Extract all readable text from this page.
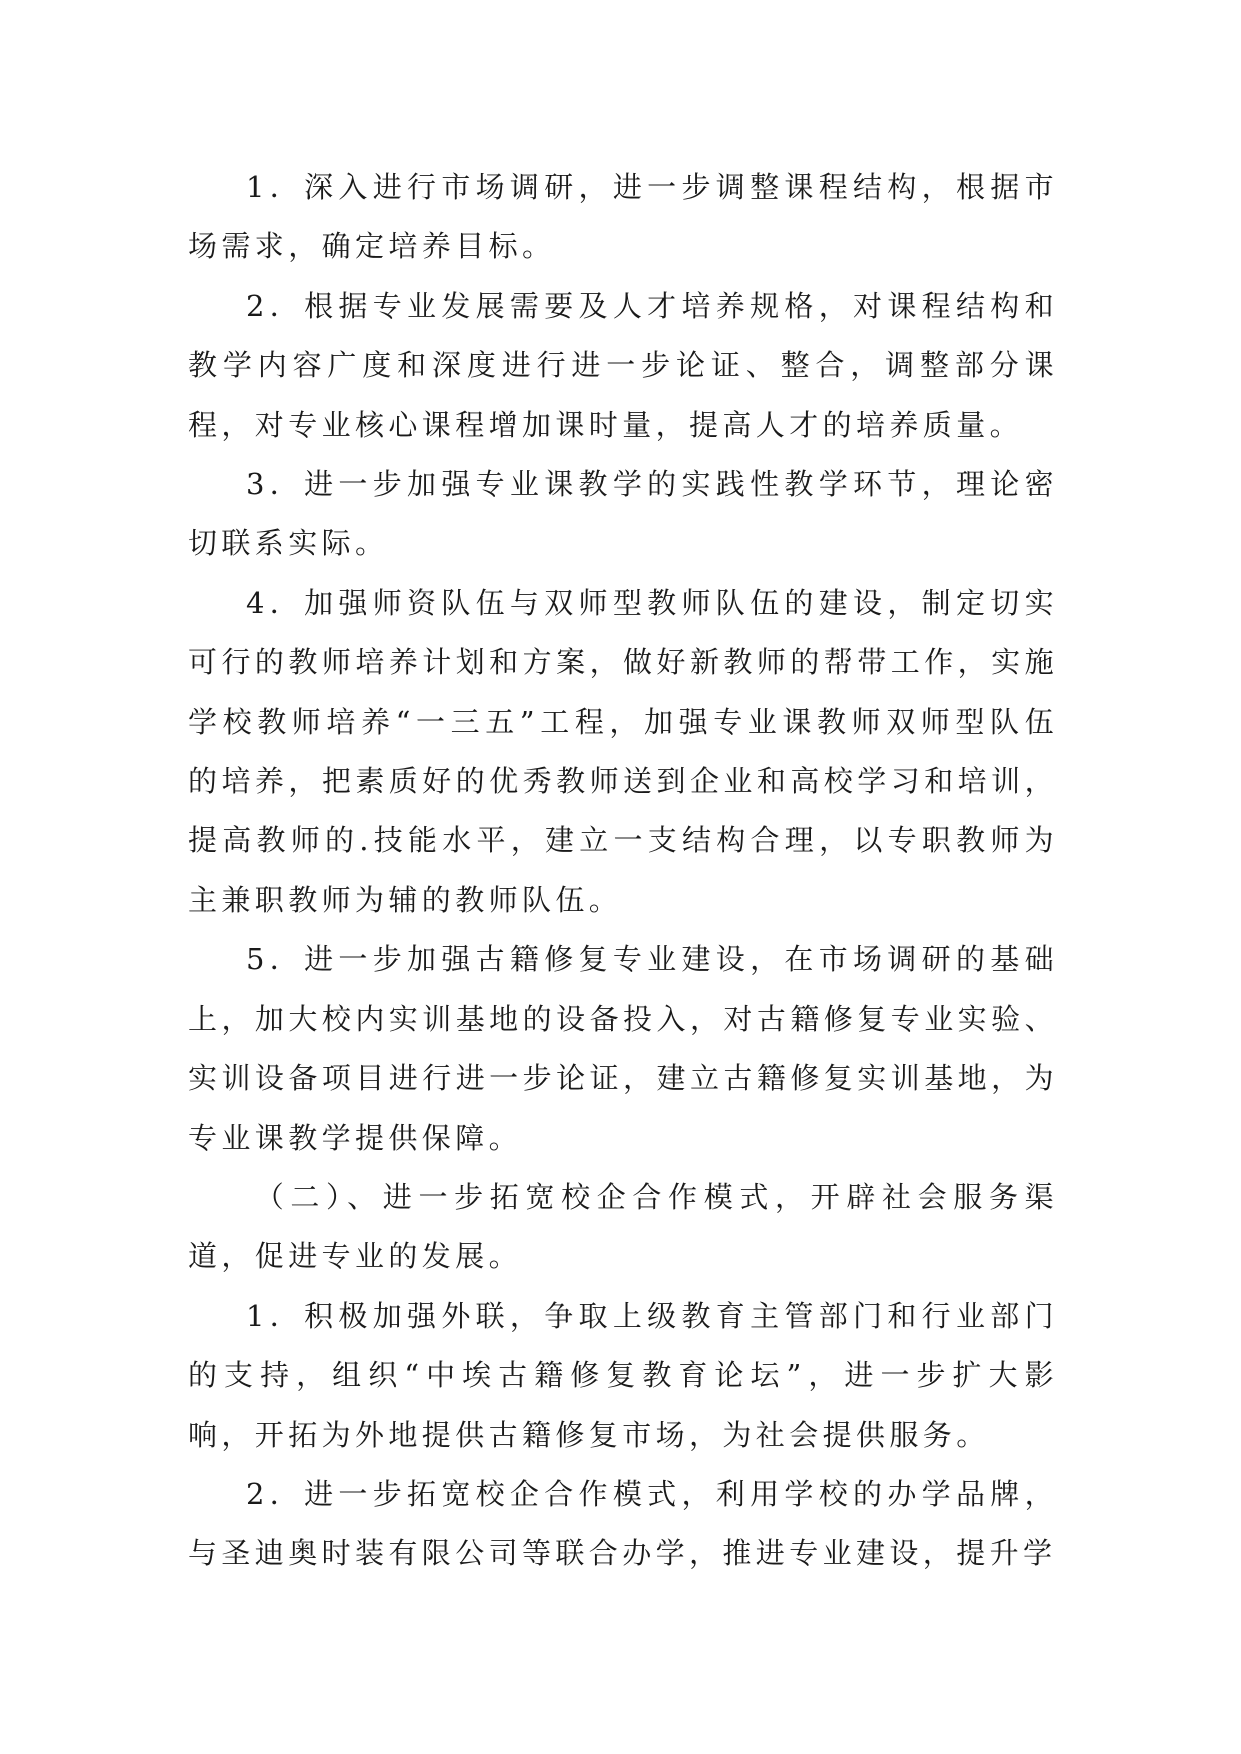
1．深入进行市场调研，进一步调整课程结构，根据市场需求，确定培养目标。

2．根据专业发展需要及人才培养规格，对课程结构和教学内容广度和深度进行进一步论证、整合，调整部分课程，对专业核心课程增加课时量，提高人才的培养质量。

3．进一步加强专业课教学的实践性教学环节，理论密切联系实际。

4．加强师资队伍与双师型教师队伍的建设，制定切实可行的教师培养计划和方案，做好新教师的帮带工作，实施学校教师培养“一三五”工程，加强专业课教师双师型队伍的培养，把素质好的优秀教师送到企业和高校学习和培训，提高教师的.技能水平，建立一支结构合理，以专职教师为主兼职教师为辅的教师队伍。

5．进一步加强古籍修复专业建设，在市场调研的基础上，加大校内实训基地的设备投入，对古籍修复专业实验、实训设备项目进行进一步论证，建立古籍修复实训基地，为专业课教学提供保障。

（二）、进一步拓宽校企合作模式，开辟社会服务渠道，促进专业的发展。

1．积极加强外联，争取上级教育主管部门和行业部门的支持，组织“中埃古籍修复教育论坛”，进一步扩大影响，开拓为外地提供古籍修复市场，为社会提供服务。

2．进一步拓宽校企合作模式，利用学校的办学品牌，与圣迪奥时装有限公司等联合办学，推进专业建设，提升学
